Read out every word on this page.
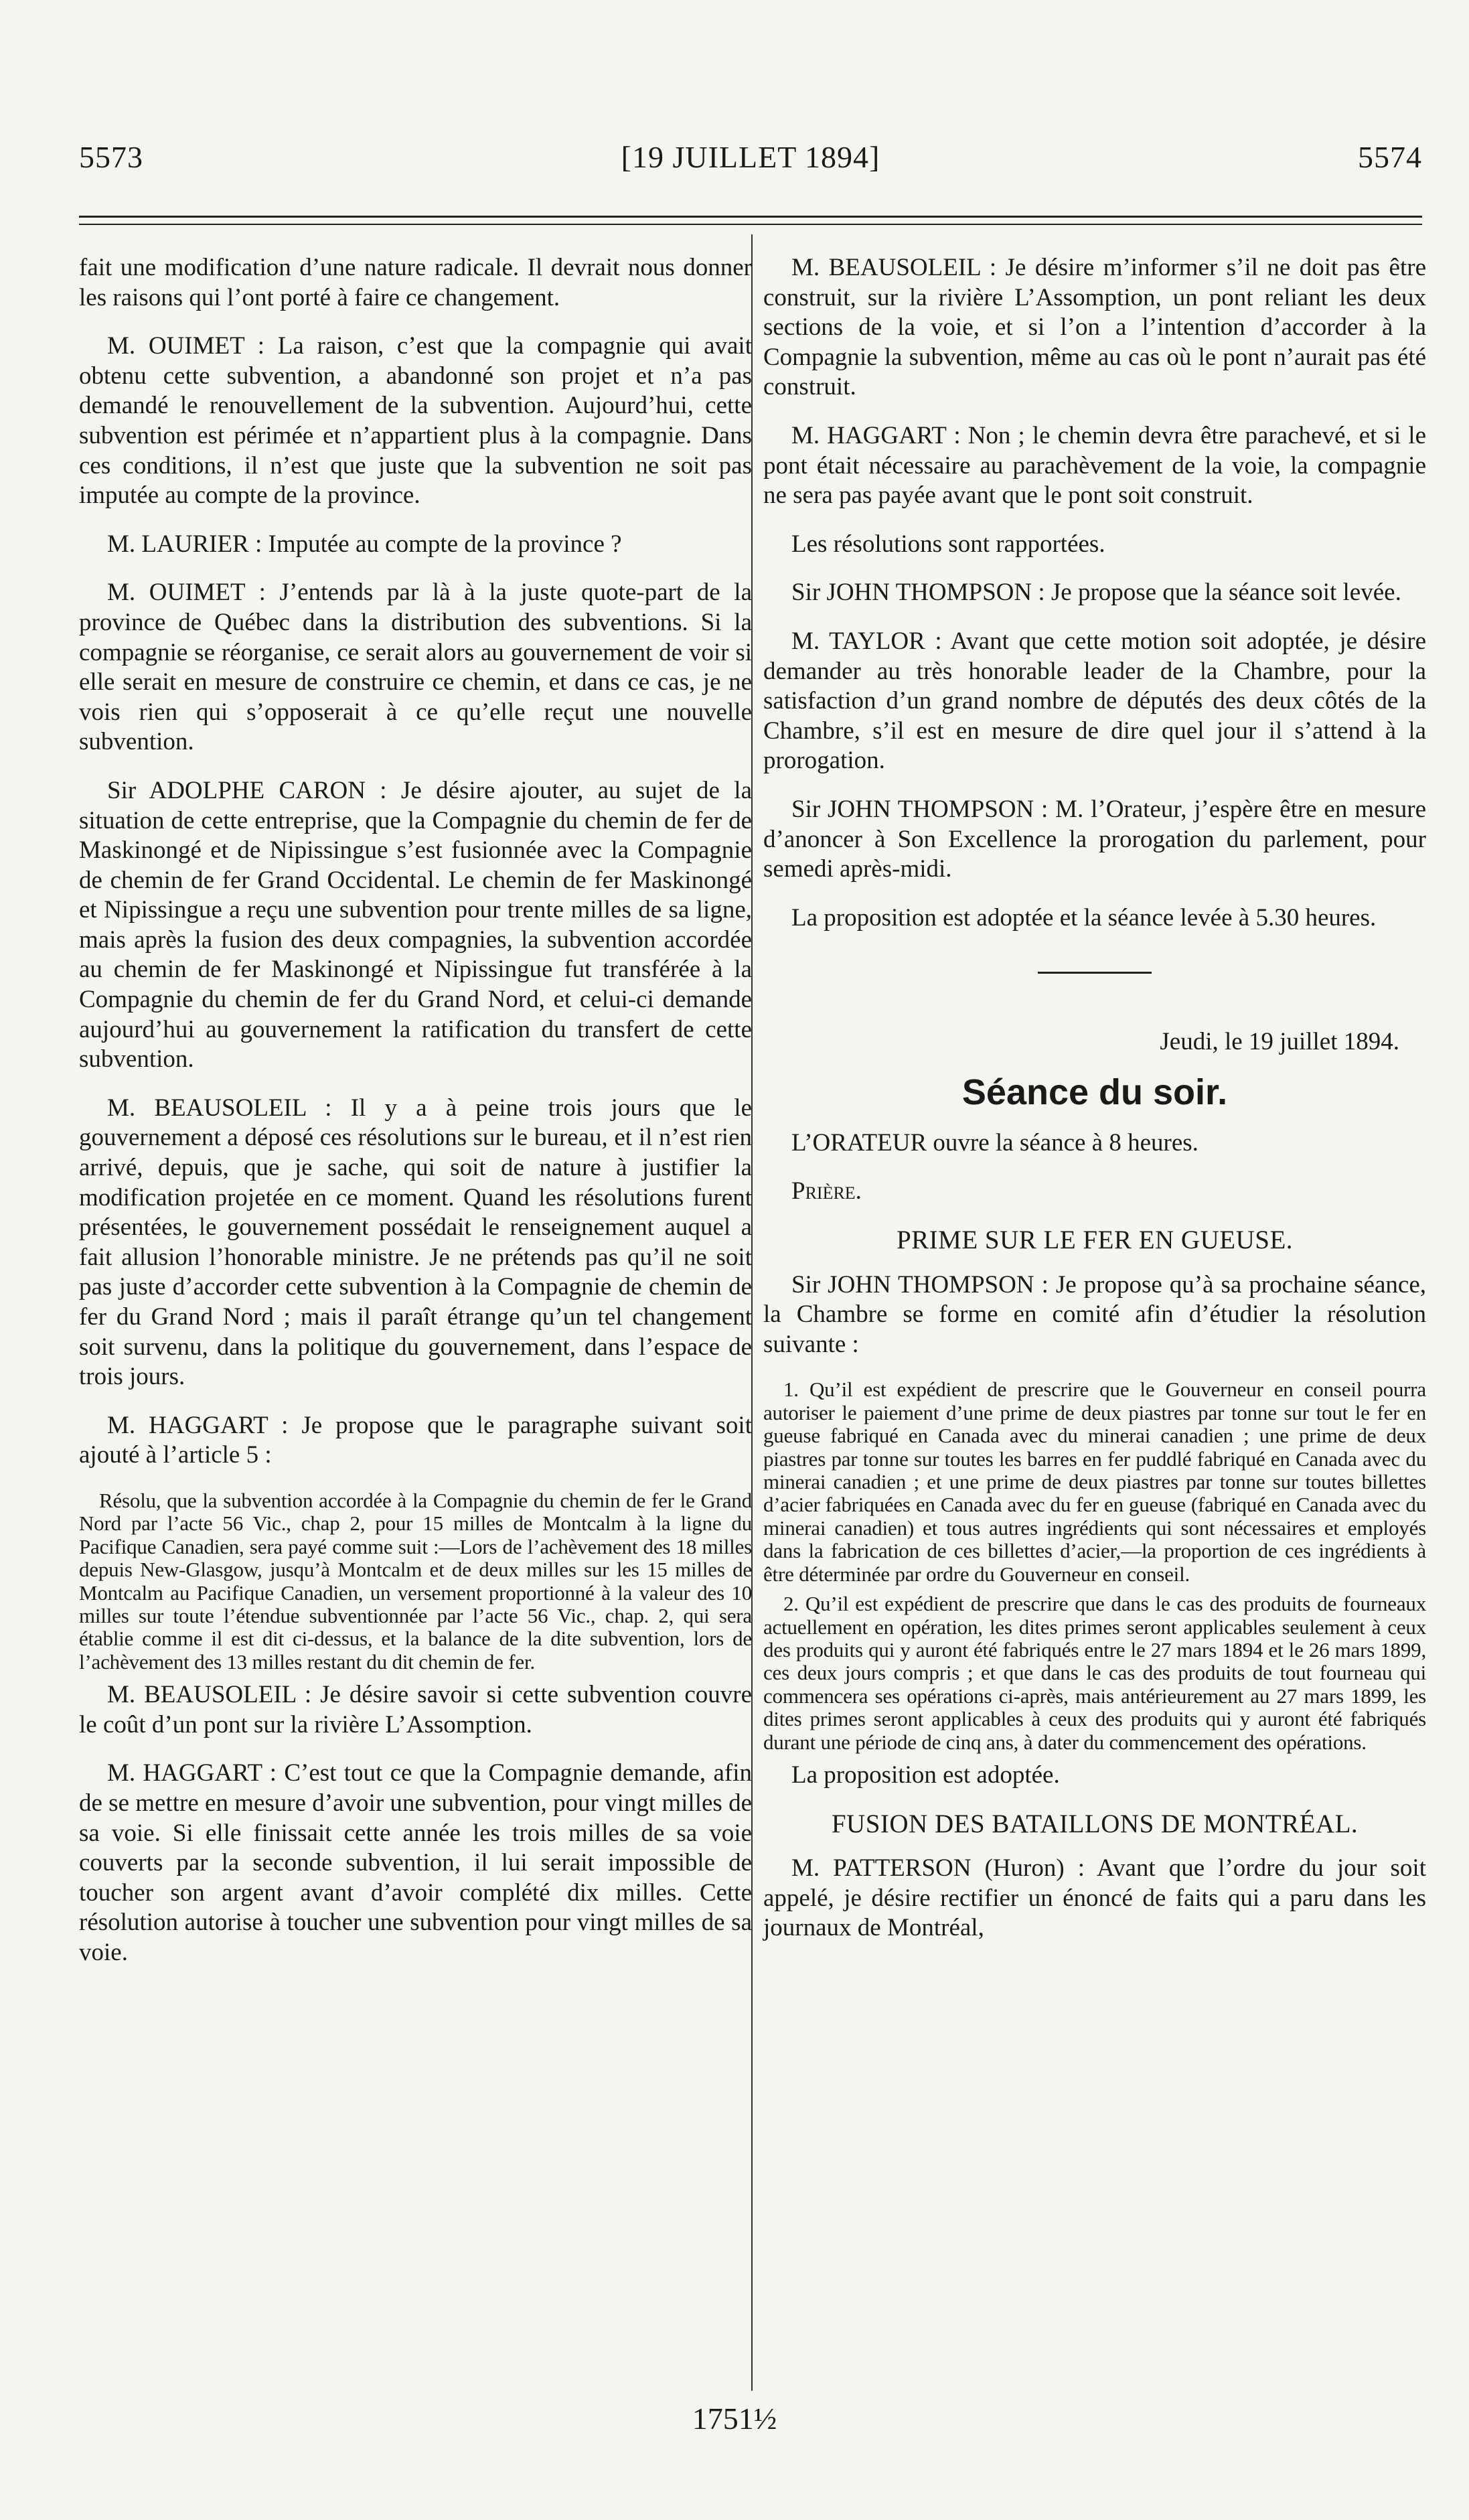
5573	[19 JUILLET 1894]	5574

fait une modification d’une nature radicale. Il devrait nous donner les raisons qui l’ont porté à faire ce changement.

M. OUIMET : La raison, c’est que la compagnie qui avait obtenu cette subvention, a abandonné son projet et n’a pas demandé le renouvellement de la subvention. Aujourd’hui, cette subvention est périmée et n’appartient plus à la compagnie. Dans ces conditions, il n’est que juste que la subvention ne soit pas imputée au compte de la province.

M. LAURIER : Imputée au compte de la province ?

M. OUIMET : J’entends par là à la juste quote-part de la province de Québec dans la distribution des subventions. Si la compagnie se réorganise, ce serait alors au gouvernement de voir si elle serait en mesure de construire ce chemin, et dans ce cas, je ne vois rien qui s’opposerait à ce qu’elle reçut une nouvelle subvention.

Sir ADOLPHE CARON : Je désire ajouter, au sujet de la situation de cette entreprise, que la Compagnie du chemin de fer de Maskinongé et de Nipissingue s’est fusionnée avec la Compagnie de chemin de fer Grand Occidental. Le chemin de fer Maskinongé et Nipissingue a reçu une subvention pour trente milles de sa ligne, mais après la fusion des deux compagnies, la subvention accordée au chemin de fer Maskinongé et Nipissingue fut transférée à la Compagnie du chemin de fer du Grand Nord, et celui-ci demande aujourd’hui au gouvernement la ratification du transfert de cette subvention.

M. BEAUSOLEIL : Il y a à peine trois jours que le gouvernement a déposé ces résolutions sur le bureau, et il n’est rien arrivé, depuis, que je sache, qui soit de nature à justifier la modification projetée en ce moment. Quand les résolutions furent présentées, le gouvernement possédait le renseignement auquel a fait allusion l’honorable ministre. Je ne prétends pas qu’il ne soit pas juste d’accorder cette subvention à la Compagnie de chemin de fer du Grand Nord ; mais il paraît étrange qu’un tel changement soit survenu, dans la politique du gouvernement, dans l’espace de trois jours.

M. HAGGART : Je propose que le paragraphe suivant soit ajouté à l’article 5 :

Résolu, que la subvention accordée à la Compagnie du chemin de fer le Grand Nord par l’acte 56 Vic., chap 2, pour 15 milles de Montcalm à la ligne du Pacifique Canadien, sera payé comme suit :—Lors de l’achèvement des 18 milles depuis New-Glasgow, jusqu’à Montcalm et de deux milles sur les 15 milles de Montcalm au Pacifique Canadien, un versement proportionné à la valeur des 10 milles sur toute l’étendue subventionnée par l’acte 56 Vic., chap. 2, qui sera établie comme il est dit ci-dessus, et la balance de la dite subvention, lors de l’achèvement des 13 milles restant du dit chemin de fer.

M. BEAUSOLEIL : Je désire savoir si cette subvention couvre le coût d’un pont sur la rivière L’Assomption.

M. HAGGART : C’est tout ce que la Compagnie demande, afin de se mettre en mesure d’avoir une subvention, pour vingt milles de sa voie. Si elle finissait cette année les trois milles de sa voie couverts par la seconde subvention, il lui serait impossible de toucher son argent avant d’avoir complété dix milles. Cette résolution autorise à toucher une subvention pour vingt milles de sa voie.

M. BEAUSOLEIL : Je désire m’informer s’il ne doit pas être construit, sur la rivière L’Assomption, un pont reliant les deux sections de la voie, et si l’on a l’intention d’accorder à la Compagnie la subvention, même au cas où le pont n’aurait pas été construit.

M. HAGGART : Non ; le chemin devra être parachevé, et si le pont était nécessaire au parachèvement de la voie, la compagnie ne sera pas payée avant que le pont soit construit.

Les résolutions sont rapportées.

Sir JOHN THOMPSON : Je propose que la séance soit levée.

M. TAYLOR : Avant que cette motion soit adoptée, je désire demander au très honorable leader de la Chambre, pour la satisfaction d’un grand nombre de députés des deux côtés de la Chambre, s’il est en mesure de dire quel jour il s’attend à la prorogation.

Sir JOHN THOMPSON : M. l’Orateur, j’espère être en mesure d’anoncer à Son Excellence la prorogation du parlement, pour semedi après-midi.

La proposition est adoptée et la séance levée à 5.30 heures.

Jeudi, le 19 juillet 1894.

Séance du soir.

L’ORATEUR ouvre la séance à 8 heures.

Prière.

PRIME SUR LE FER EN GUEUSE.

Sir JOHN THOMPSON : Je propose qu’à sa prochaine séance, la Chambre se forme en comité afin d’étudier la résolution suivante :

1. Qu’il est expédient de prescrire que le Gouverneur en conseil pourra autoriser le paiement d’une prime de deux piastres par tonne sur tout le fer en gueuse fabriqué en Canada avec du minerai canadien ; une prime de deux piastres par tonne sur toutes les barres en fer puddlé fabriqué en Canada avec du minerai canadien ; et une prime de deux piastres par tonne sur toutes billettes d’acier fabriquées en Canada avec du fer en gueuse (fabriqué en Canada avec du minerai canadien) et tous autres ingrédients qui sont nécessaires et employés dans la fabrication de ces billettes d’acier,—la proportion de ces ingrédients à être déterminée par ordre du Gouverneur en conseil.

2. Qu’il est expédient de prescrire que dans le cas des produits de fourneaux actuellement en opération, les dites primes seront applicables seulement à ceux des produits qui y auront été fabriqués entre le 27 mars 1894 et le 26 mars 1899, ces deux jours compris ; et que dans le cas des produits de tout fourneau qui commencera ses opérations ci-après, mais antérieurement au 27 mars 1899, les dites primes seront applicables à ceux des produits qui y auront été fabriqués durant une période de cinq ans, à dater du commencement des opérations.

La proposition est adoptée.

FUSION DES BATAILLONS DE MONTRÉAL.

M. PATTERSON (Huron) : Avant que l’ordre du jour soit appelé, je désire rectifier un énoncé de faits qui a paru dans les journaux de Montréal,

1751½
